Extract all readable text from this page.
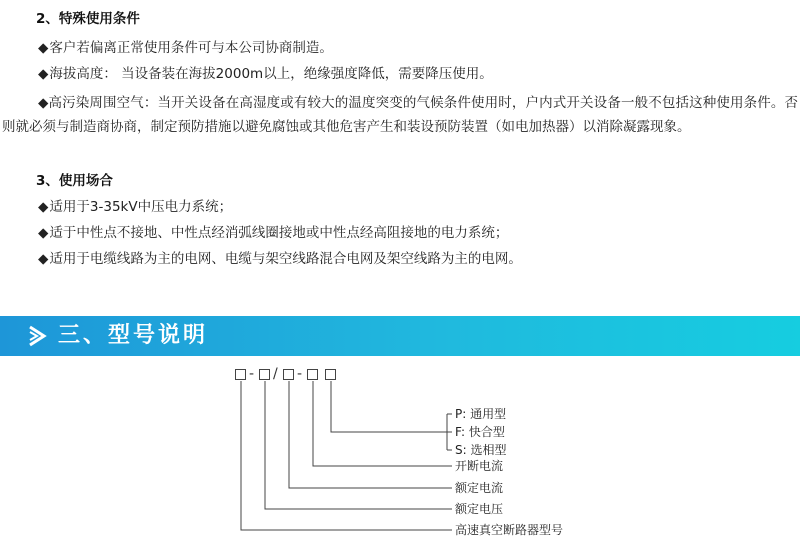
2、特殊使用条件
◆ 客户若偏离正常使用条件可与本公司协商制造。
◆ 海拔高度： 当设备装在海拔2000m以上，绝缘强度降低，需要降压使用。
◆高污染周围空气：当开关设备在高湿度或有较大的温度突变的气候条件使用时，户内式开关设备一般不包括这种使用条件。否则就必须与制造商协商，制定预防措施以避免腐蚀或其他危害产生和装设预防装置（如电加热器）以消除凝露现象。
3、使用场合
◆ 适用于3-35kV中压电力系统；
◆ 适于中性点不接地、中性点经消弧线圈接地或中性点经高阻接地的电力系统；
◆ 适用于电缆线路为主的电网、电缆与架空线路混合电网及架空线路为主的电网。
三、型号说明
- / -
P: 通用型
F: 快合型
S: 选相型
开断电流
额定电流
额定电压
高速真空断路器型号
